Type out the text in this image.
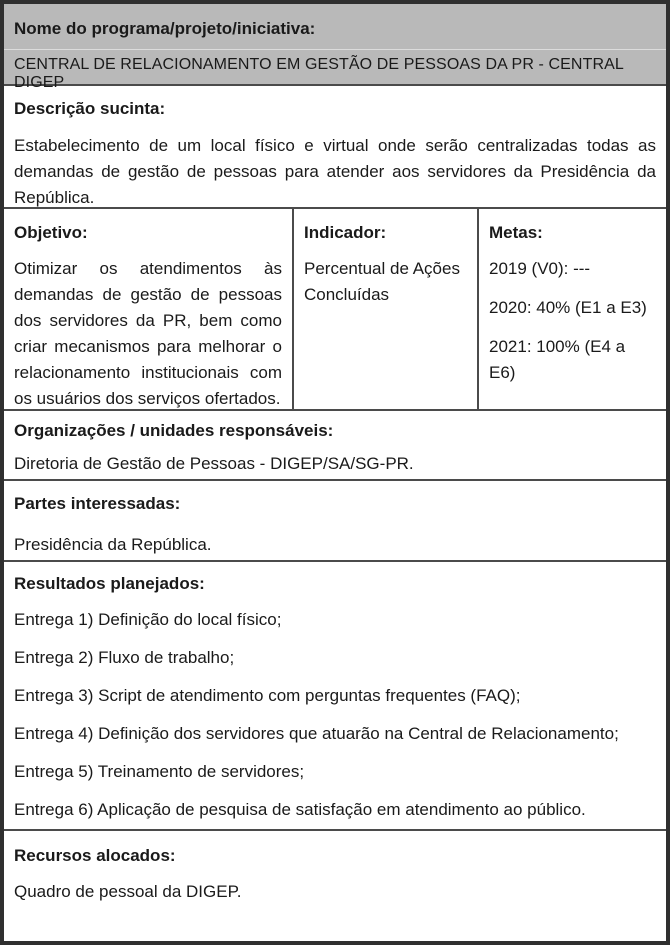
Nome do programa/projeto/iniciativa:
CENTRAL DE RELACIONAMENTO EM GESTÃO DE PESSOAS DA PR - CENTRAL DIGEP
Descrição sucinta:

Estabelecimento de um local físico e virtual onde serão centralizadas todas as demandas de gestão de pessoas para atender aos servidores da Presidência da República.

Objetivo:

Otimizar os atendimentos às demandas de gestão de pessoas dos servidores da PR, bem como criar mecanismos para melhorar o relacionamento institucionais com os usuários dos serviços ofertados.

Indicador:

Percentual de Ações Concluídas

Metas:

2019 (V0): ---

2020: 40% (E1 a E3)

2021: 100% (E4 a E6)

Organizações / unidades responsáveis:

Diretoria de Gestão de Pessoas - DIGEP/SA/SG-PR.

Partes interessadas:

Presidência da República.

Resultados planejados:

Entrega 1) Definição do local físico;

Entrega 2) Fluxo de trabalho;

Entrega 3) Script de atendimento com perguntas frequentes (FAQ);

Entrega 4) Definição dos servidores que atuarão na Central de Relacionamento;

Entrega 5) Treinamento de servidores;

Entrega 6) Aplicação de pesquisa de satisfação em atendimento ao público.

Recursos alocados:

Quadro de pessoal da DIGEP.
